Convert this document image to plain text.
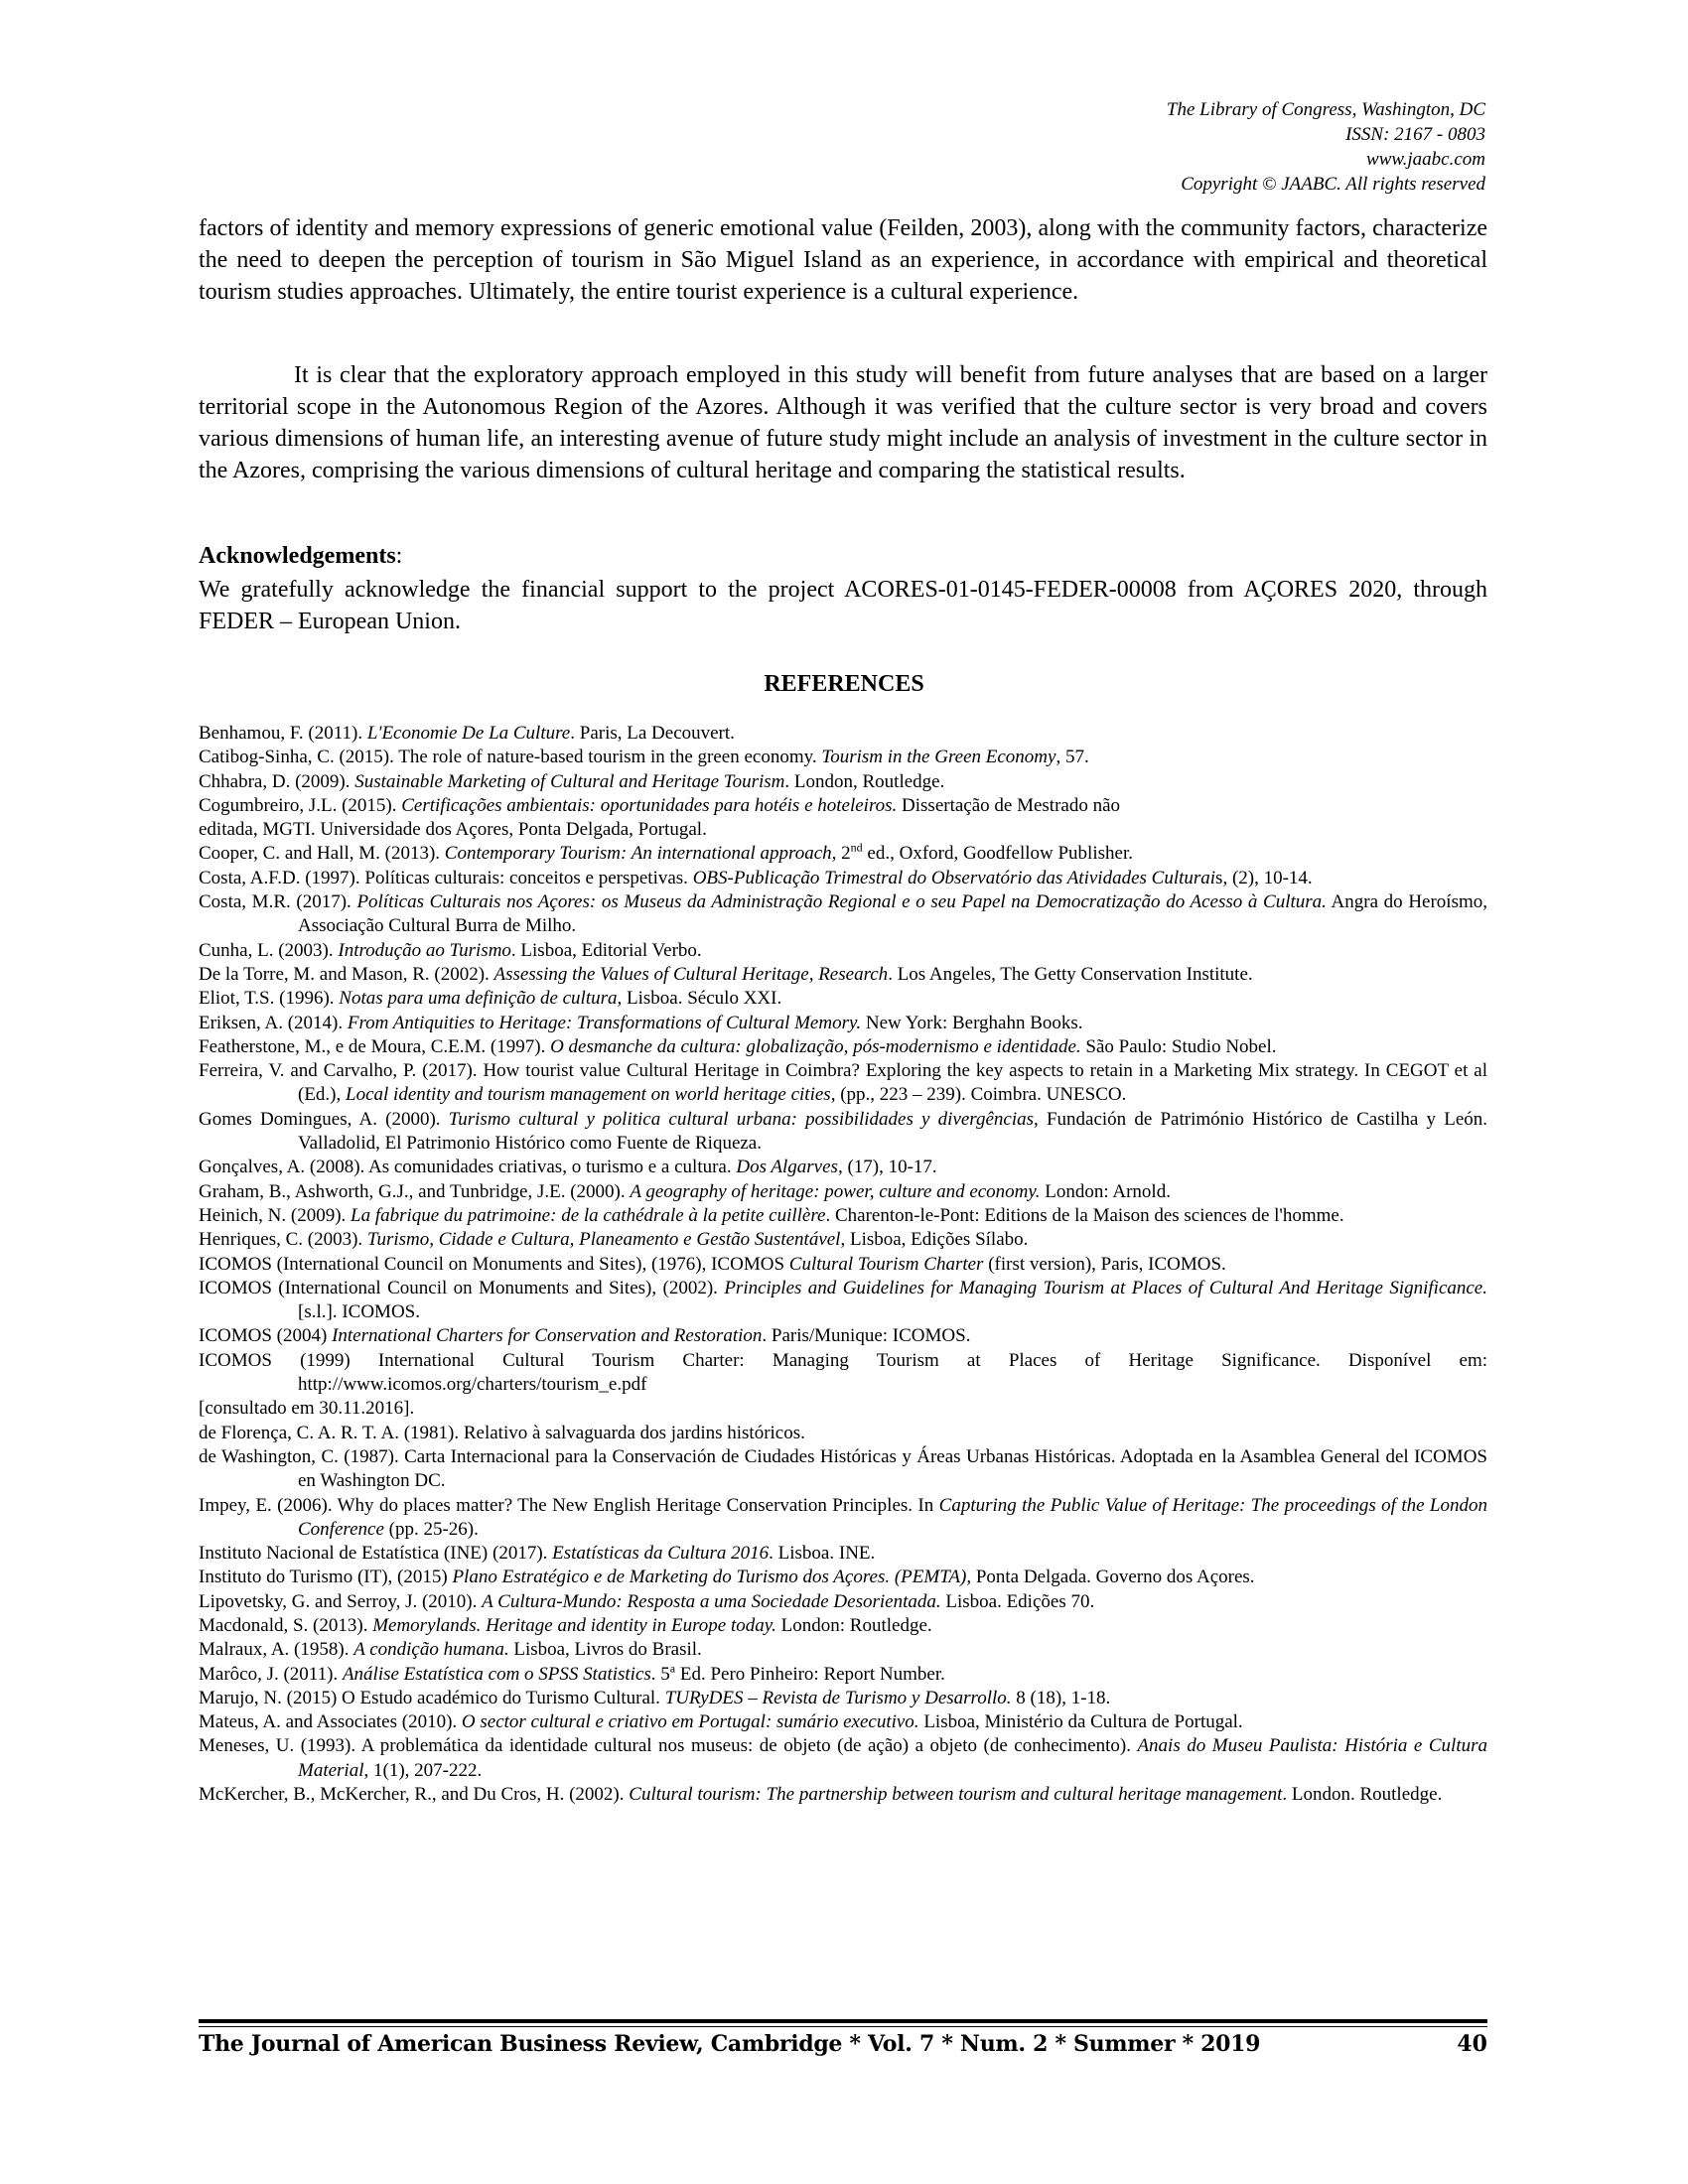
The Library of Congress, Washington, DC
ISSN: 2167 - 0803
www.jaabc.com
Copyright © JAABC. All rights reserved
factors of identity and memory expressions of generic emotional value (Feilden, 2003), along with the community factors, characterize the need to deepen the perception of tourism in São Miguel Island as an experience, in accordance with empirical and theoretical tourism studies approaches. Ultimately, the entire tourist experience is a cultural experience.
It is clear that the exploratory approach employed in this study will benefit from future analyses that are based on a larger territorial scope in the Autonomous Region of the Azores. Although it was verified that the culture sector is very broad and covers various dimensions of human life, an interesting avenue of future study might include an analysis of investment in the culture sector in the Azores, comprising the various dimensions of cultural heritage and comparing the statistical results.
Acknowledgements:
We gratefully acknowledge the financial support to the project ACORES-01-0145-FEDER-00008 from AÇORES 2020, through FEDER – European Union.
REFERENCES
Benhamou, F. (2011). L'Economie De La Culture. Paris, La Decouvert.
Catibog-Sinha, C. (2015). The role of nature-based tourism in the green economy. Tourism in the Green Economy, 57.
Chhabra, D. (2009). Sustainable Marketing of Cultural and Heritage Tourism. London, Routledge.
Cogumbreiro, J.L. (2015). Certificações ambientais: oportunidades para hotéis e hoteleiros. Dissertação de Mestrado não
editada, MGTI. Universidade dos Açores, Ponta Delgada, Portugal.
Cooper, C. and Hall, M. (2013). Contemporary Tourism: An international approach, 2nd ed., Oxford, Goodfellow Publisher.
Costa, A.F.D. (1997). Políticas culturais: conceitos e perspetivas. OBS-Publicação Trimestral do Observatório das Atividades Culturais, (2), 10-14.
Costa, M.R. (2017). Políticas Culturais nos Açores: os Museus da Administração Regional e o seu Papel na Democratização do Acesso à Cultura. Angra do Heroísmo, Associação Cultural Burra de Milho.
Cunha, L. (2003). Introdução ao Turismo. Lisboa, Editorial Verbo.
De la Torre, M. and Mason, R. (2002). Assessing the Values of Cultural Heritage, Research. Los Angeles, The Getty Conservation Institute.
Eliot, T.S. (1996). Notas para uma definição de cultura, Lisboa. Século XXI.
Eriksen, A. (2014). From Antiquities to Heritage: Transformations of Cultural Memory. New York: Berghahn Books.
Featherstone, M., e de Moura, C.E.M. (1997). O desmanche da cultura: globalização, pós-modernismo e identidade. São Paulo: Studio Nobel.
Ferreira, V. and Carvalho, P. (2017). How tourist value Cultural Heritage in Coimbra? Exploring the key aspects to retain in a Marketing Mix strategy. In CEGOT et al (Ed.), Local identity and tourism management on world heritage cities, (pp., 223 – 239). Coimbra. UNESCO.
Gomes Domingues, A. (2000). Turismo cultural y politica cultural urbana: possibilidades y divergências, Fundación de Património Histórico de Castilha y León. Valladolid, El Patrimonio Histórico como Fuente de Riqueza.
Gonçalves, A. (2008). As comunidades criativas, o turismo e a cultura. Dos Algarves, (17), 10-17.
Graham, B., Ashworth, G.J., and Tunbridge, J.E. (2000). A geography of heritage: power, culture and economy. London: Arnold.
Heinich, N. (2009). La fabrique du patrimoine: de la cathédrale à la petite cuillère. Charenton-le-Pont: Editions de la Maison des sciences de l'homme.
Henriques, C. (2003). Turismo, Cidade e Cultura, Planeamento e Gestão Sustentável, Lisboa, Edições Sílabo.
ICOMOS (International Council on Monuments and Sites), (1976), ICOMOS Cultural Tourism Charter (first version), Paris, ICOMOS.
ICOMOS (International Council on Monuments and Sites), (2002). Principles and Guidelines for Managing Tourism at Places of Cultural And Heritage Significance.[s.l.]. ICOMOS.
ICOMOS (2004) International Charters for Conservation and Restoration. Paris/Munique: ICOMOS.
ICOMOS (1999) International Cultural Tourism Charter: Managing Tourism at Places of Heritage Significance. Disponível em: http://www.icomos.org/charters/tourism_e.pdf
[consultado em 30.11.2016].
de Florença, C. A. R. T. A. (1981). Relativo à salvaguarda dos jardins históricos.
de Washington, C. (1987). Carta Internacional para la Conservación de Ciudades Históricas y Áreas Urbanas Históricas. Adoptada en la Asamblea General del ICOMOS en Washington DC.
Impey, E. (2006). Why do places matter? The New English Heritage Conservation Principles. In Capturing the Public Value of Heritage: The proceedings of the London Conference (pp. 25-26).
Instituto Nacional de Estatística (INE) (2017). Estatísticas da Cultura 2016. Lisboa. INE.
Instituto do Turismo (IT), (2015) Plano Estratégico e de Marketing do Turismo dos Açores. (PEMTA), Ponta Delgada. Governo dos Açores.
Lipovetsky, G. and Serroy, J. (2010). A Cultura-Mundo: Resposta a uma Sociedade Desorientada. Lisboa. Edições 70.
Macdonald, S. (2013). Memorylands. Heritage and identity in Europe today. London: Routledge.
Malraux, A. (1958). A condição humana. Lisboa, Livros do Brasil.
Marôco, J. (2011). Análise Estatística com o SPSS Statistics. 5$^a$ Ed. Pero Pinheiro: Report Number.
Marujo, N. (2015) O Estudo académico do Turismo Cultural. TURyDES – Revista de Turismo y Desarrollo. 8 (18), 1-18.
Mateus, A. and Associates (2010). O sector cultural e criativo em Portugal: sumário executivo. Lisboa, Ministério da Cultura de Portugal.
Meneses, U. (1993). A problemática da identidade cultural nos museus: de objeto (de ação) a objeto (de conhecimento). Anais do Museu Paulista: História e Cultura Material, 1(1), 207-222.
McKercher, B., McKercher, R., and Du Cros, H. (2002). Cultural tourism: The partnership between tourism and cultural heritage management. London. Routledge.
The Journal of American Business Review, Cambridge * Vol. 7 * Num. 2 * Summer * 2019	40
